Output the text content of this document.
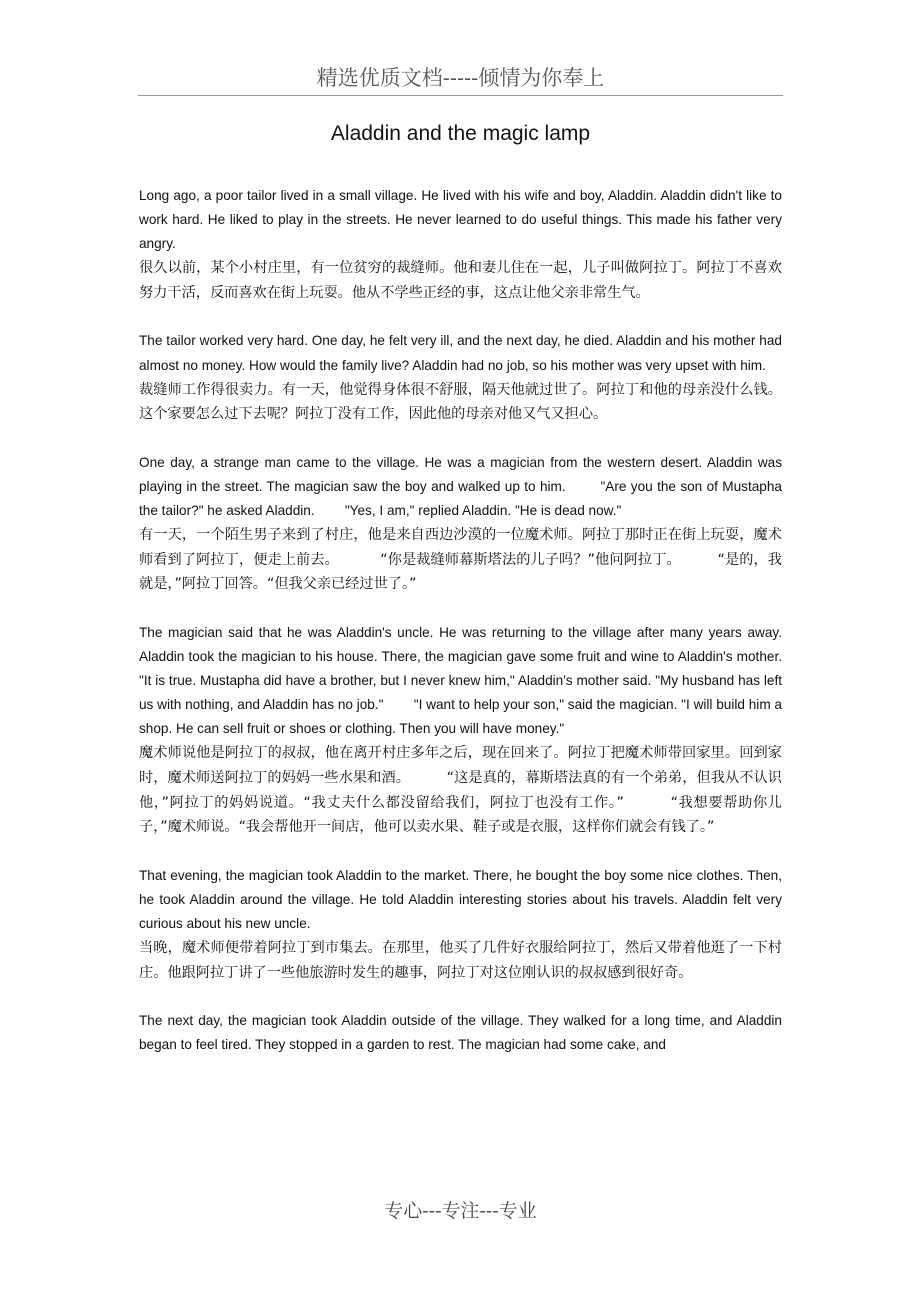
精选优质文档-----倾情为你奉上
Aladdin and the magic lamp

Long ago, a poor tailor lived in a small village. He lived with his wife and boy, Aladdin. Aladdin didn't like to work hard. He liked to play in the streets. He never learned to do useful things. This made his father very angry.

很久以前，某个小村庄里，有一位贫穷的裁缝师。他和妻儿住在一起，儿子叫做阿拉丁。阿拉丁不喜欢努力干活，反而喜欢在街上玩耍。他从不学些正经的事，这点让他父亲非常生气。

The tailor worked very hard. One day, he felt very ill, and the next day, he died. Aladdin and his mother had almost no money. How would the family live? Aladdin had no job, so his mother was very upset with him.

裁缝师工作得很卖力。有一天，他觉得身体很不舒服，隔天他就过世了。阿拉丁和他的母亲没什么钱。这个家要怎么过下去呢？阿拉丁没有工作，因此他的母亲对他又气又担心。

One day, a strange man came to the village. He was a magician from the western desert. Aladdin was playing in the street. The magician saw the boy and walked up to him.        "Are you the son of Mustapha the tailor?" he asked Aladdin.        "Yes, I am," replied Aladdin. "He is dead now."

有一天，一个陌生男子来到了村庄，他是来自西边沙漠的一位魔术师。阿拉丁那时正在街上玩耍，魔术师看到了阿拉丁，便走上前去。         “你是裁缝师幕斯塔法的儿子吗？”他问阿拉丁。        “是的，我就是，”阿拉丁回答。“但我父亲已经过世了。”

The magician said that he was Aladdin's uncle. He was returning to the village after many years away. Aladdin took the magician to his house. There, the magician gave some fruit and wine to Aladdin's mother.        "It is true. Mustapha did have a brother, but I never knew him," Aladdin's mother said. "My husband has left us with nothing, and Aladdin has no job."        "I want to help your son," said the magician. "I will build him a shop. He can sell fruit or shoes or clothing. Then you will have money."

魔术师说他是阿拉丁的叔叔，他在离开村庄多年之后，现在回来了。阿拉丁把魔术师带回家里。回到家时，魔术师送阿拉丁的妈妈一些水果和酒。        “这是真的，幕斯塔法真的有一个弟弟，但我从不认识他，”阿拉丁的妈妈说道。“我丈夫什么都没留给我们，阿拉丁也没有工作。”         “我想要帮助你儿子，”魔术师说。“我会帮他开一间店，他可以卖水果、鞋子或是衣服，这样你们就会有钱了。”

That evening, the magician took Aladdin to the market. There, he bought the boy some nice clothes. Then, he took Aladdin around the village. He told Aladdin interesting stories about his travels. Aladdin felt very curious about his new uncle.

当晚，魔术师便带着阿拉丁到市集去。在那里，他买了几件好衣服给阿拉丁，然后又带着他逛了一下村庄。他跟阿拉丁讲了一些他旅游时发生的趣事，阿拉丁对这位刚认识的叔叔感到很好奇。

The next day, the magician took Aladdin outside of the village. They walked for a long time, and Aladdin began to feel tired. They stopped in a garden to rest. The magician had some cake, and

专心---专注---专业
